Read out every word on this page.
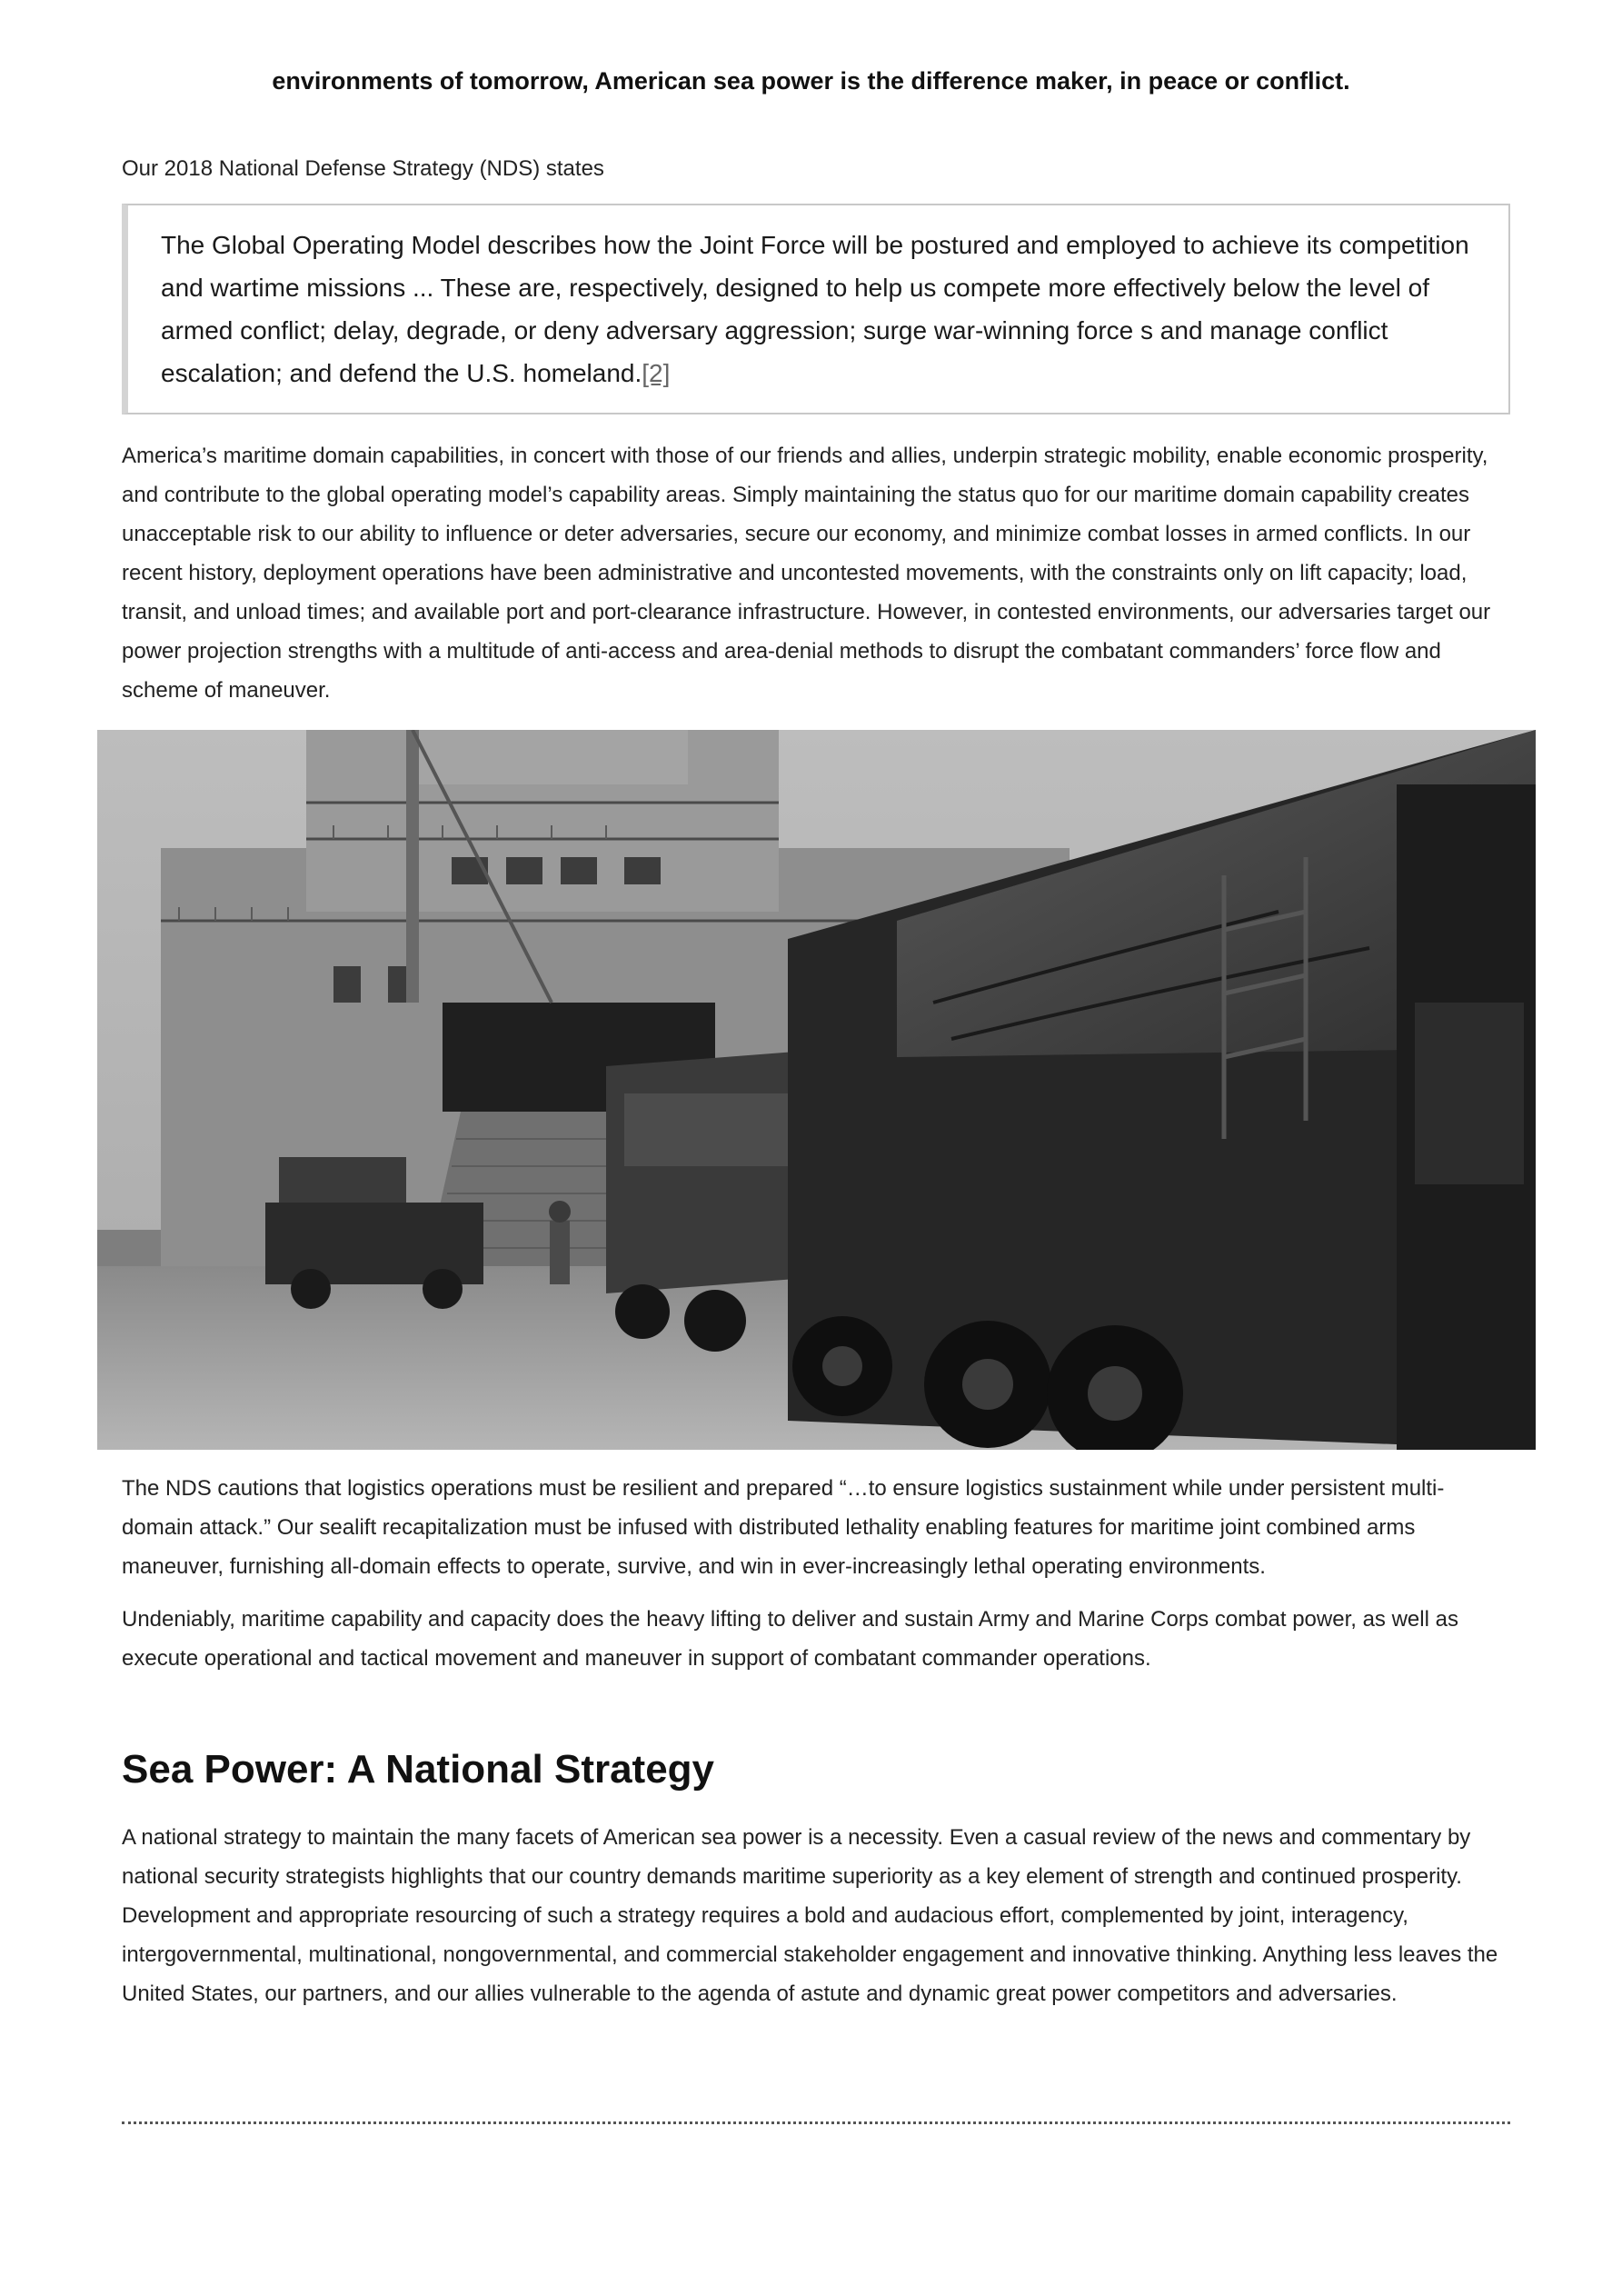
environments of tomorrow, American sea power is the difference maker, in peace or conflict.

Our 2018 National Defense Strategy (NDS) states

The Global Operating Model describes how the Joint Force will be postured and employed to achieve its competition and wartime missions ... These are, respectively, designed to help us compete more effectively below the level of armed conflict; delay, degrade, or deny adversary aggression; surge war-winning force s and manage conflict escalation; and defend the U.S. homeland.[2]

America’s maritime domain capabilities, in concert with those of our friends and allies, underpin strategic mobility, enable economic prosperity, and contribute to the global operating model’s capability areas. Simply maintaining the status quo for our maritime domain capability creates unacceptable risk to our ability to influence or deter adversaries, secure our economy, and minimize combat losses in armed conflicts. In our recent history, deployment operations have been administrative and uncontested movements, with the constraints only on lift capacity; load, transit, and unload times; and available port and port-clearance infrastructure. However, in contested environments, our adversaries target our power projection strengths with a multitude of anti-access and area-denial methods to disrupt the combatant commanders’ force flow and scheme of maneuver.

The NDS cautions that logistics operations must be resilient and prepared “…to ensure logistics sustainment while under persistent multi-domain attack.” Our sealift recapitalization must be infused with distributed lethality enabling features for maritime joint combined arms maneuver, furnishing all-domain effects to operate, survive, and win in ever-increasingly lethal operating environments.

Undeniably, maritime capability and capacity does the heavy lifting to deliver and sustain Army and Marine Corps combat power, as well as execute operational and tactical movement and maneuver in support of combatant commander operations.

Sea Power: A National Strategy

A national strategy to maintain the many facets of American sea power is a necessity. Even a casual review of the news and commentary by national security strategists highlights that our country demands maritime superiority as a key element of strength and continued prosperity. Development and appropriate resourcing of such a strategy requires a bold and audacious effort, complemented by joint, interagency, intergovernmental, multinational, nongovernmental, and commercial stakeholder engagement and innovative thinking. Anything less leaves the United States, our partners, and our allies vulnerable to the agenda of astute and dynamic great power competitors and adversaries.
